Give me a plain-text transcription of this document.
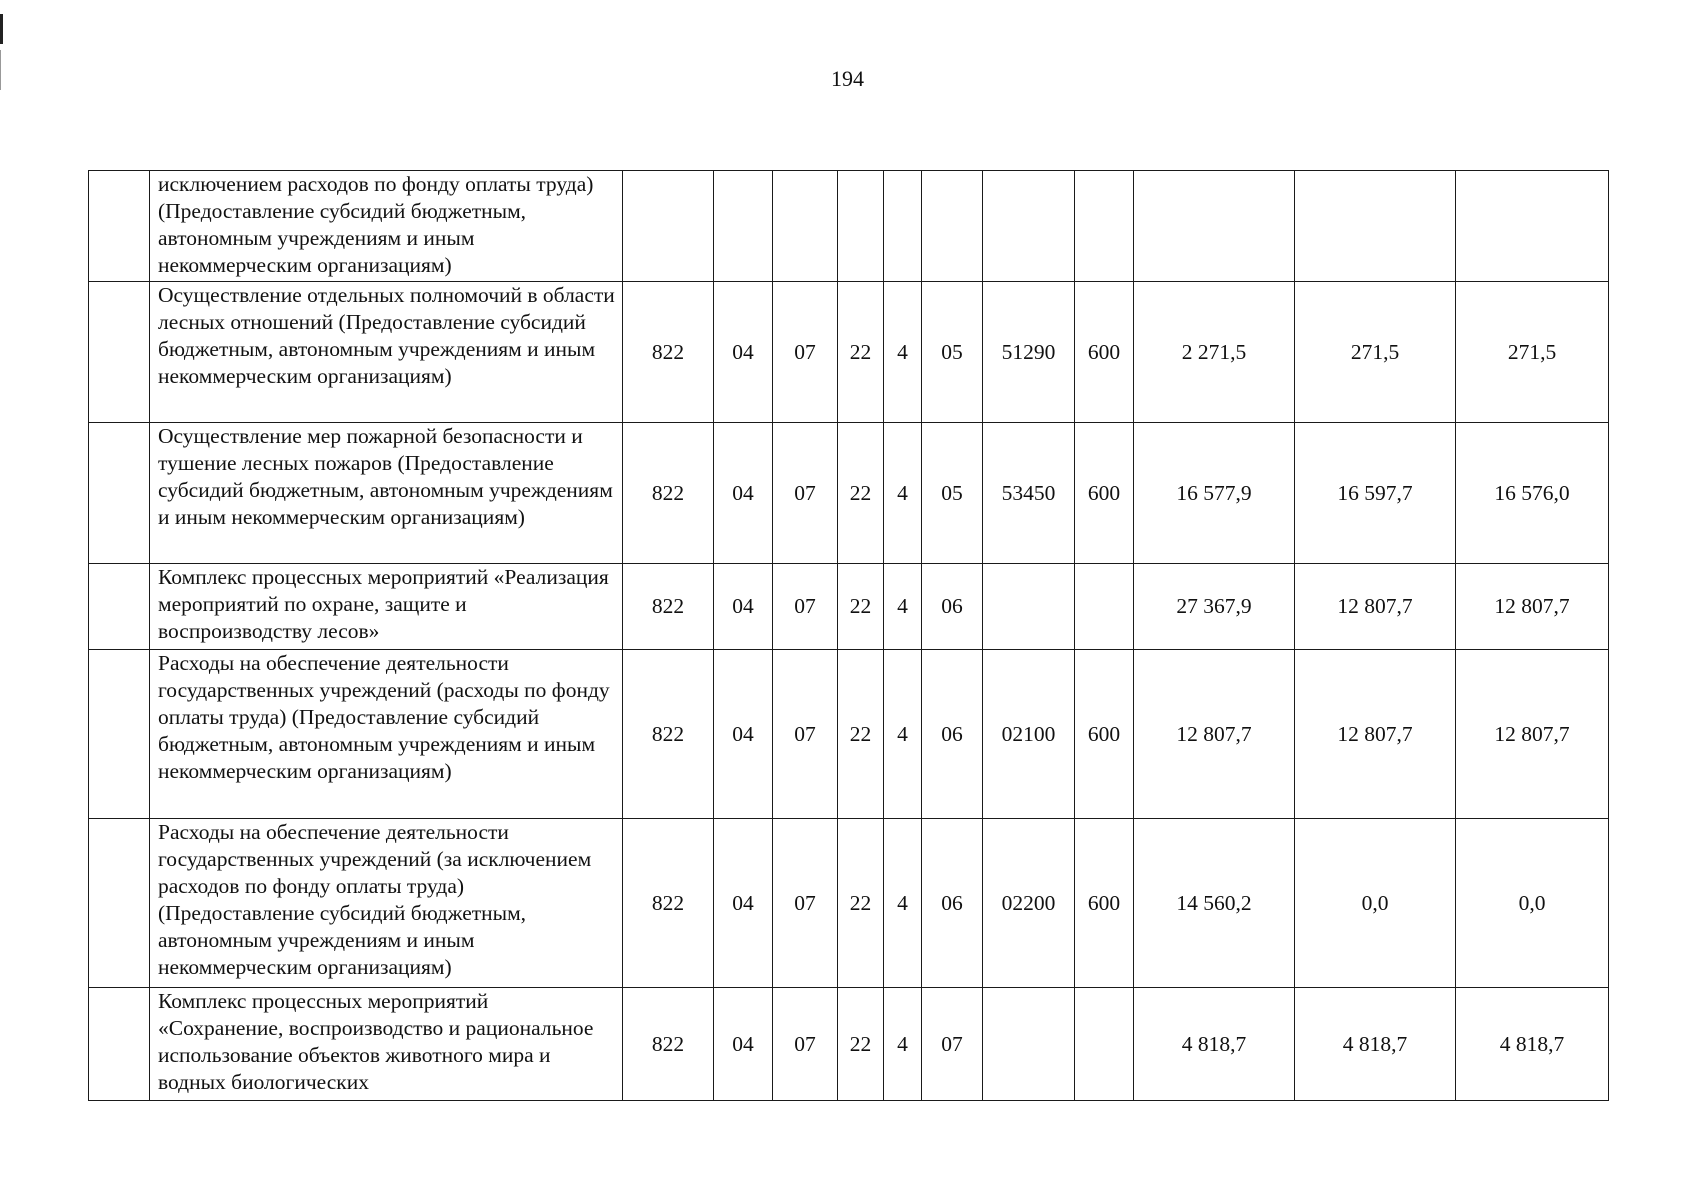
194
	исключением расходов по фонду оплаты труда) (Предоставление субсидий бюджетным, автономным учреждениям и иным некоммерческим организациям)											
	Осуществление отдельных полномочий в области лесных отношений (Предоставление субсидий бюджетным, автономным учреждениям и иным некоммерческим организациям)	822	04	07	22	4	05	51290	600	2 271,5	271,5	271,5
	Осуществление мер пожарной безопасности и тушение лесных пожаров (Предоставление субсидий бюджетным, автономным учреждениям и иным некоммерческим организациям)	822	04	07	22	4	05	53450	600	16 577,9	16 597,7	16 576,0
	Комплекс процессных мероприятий «Реализация мероприятий по охране, защите и воспроизводству лесов»	822	04	07	22	4	06			27 367,9	12 807,7	12 807,7
	Расходы на обеспечение деятельности государственных учреждений (расходы по фонду оплаты труда) (Предоставление субсидий бюджетным, автономным учреждениям и иным некоммерческим организациям)	822	04	07	22	4	06	02100	600	12 807,7	12 807,7	12 807,7
	Расходы на обеспечение деятельности государственных учреждений (за исключением расходов по фонду оплаты труда) (Предоставление субсидий бюджетным, автономным учреждениям и иным некоммерческим организациям)	822	04	07	22	4	06	02200	600	14 560,2	0,0	0,0
	Комплекс процессных мероприятий «Сохранение, воспроизводство и рациональное использование объектов животного мира и водных биологических	822	04	07	22	4	07			4 818,7	4 818,7	4 818,7
